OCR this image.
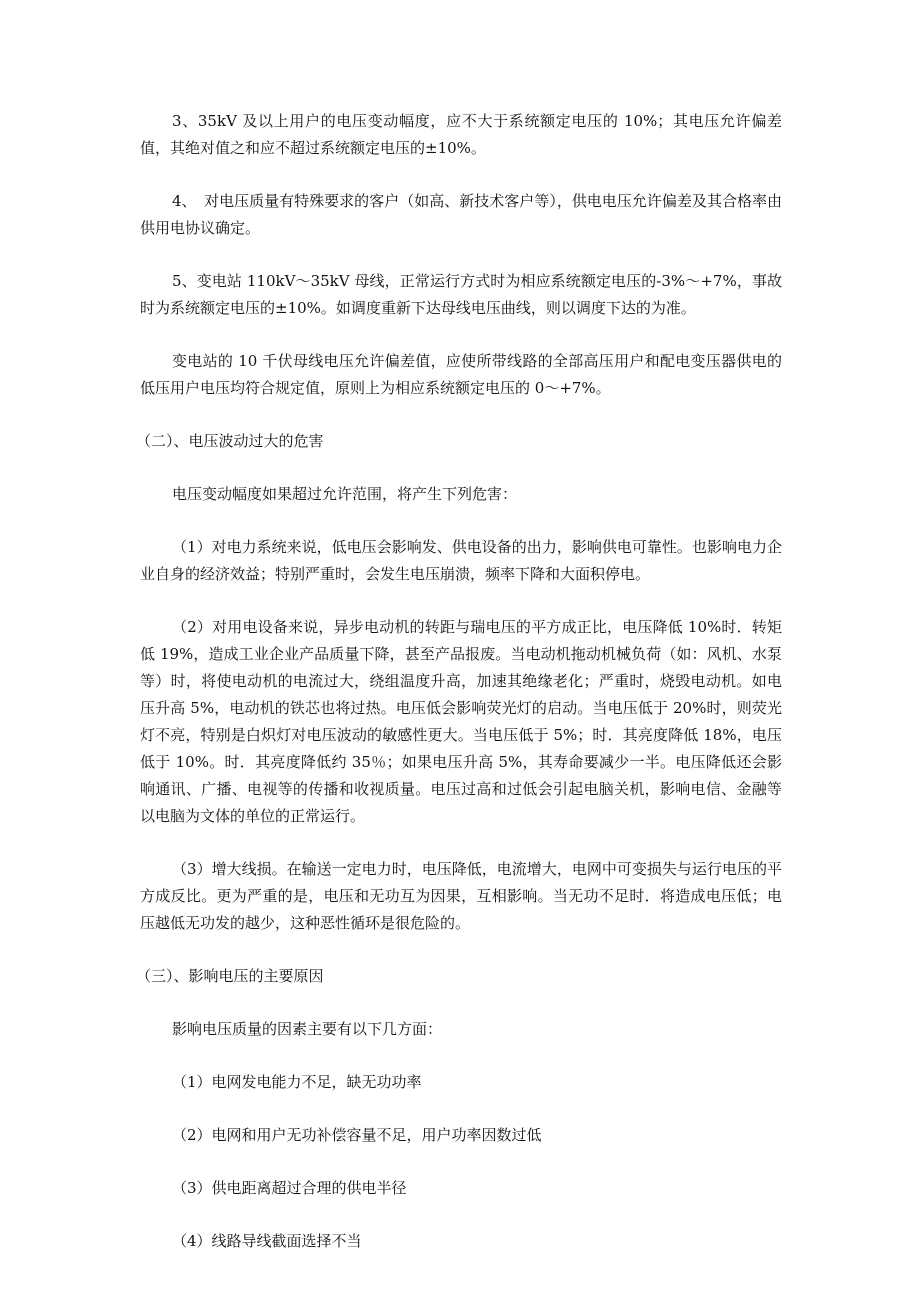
3、35kV 及以上用户的电压变动幅度，应不大于系统额定电压的 10%；其电压允许偏差值，其绝对值之和应不超过系统额定电压的±10%。

4、　对电压质量有特殊要求的客户（如高、新技术客户等），供电电压允许偏差及其合格率由供用电协议确定。

5、变电站 110kV～35kV 母线，正常运行方式时为相应系统额定电压的-3%～+7%，事故时为系统额定电压的±10%。如调度重新下达母线电压曲线，则以调度下达的为准。

变电站的 10 千伏母线电压允许偏差值，应使所带线路的全部高压用户和配电变压器供电的低压用户电压均符合规定值，原则上为相应系统额定电压的 0～+7%。

（二）、电压波动过大的危害

电压变动幅度如果超过允许范围，将产生下列危害：

（1）对电力系统来说，低电压会影响发、供电设备的出力，影响供电可靠性。也影响电力企业自身的经济效益；特别严重时，会发生电压崩溃，频率下降和大面积停电。

（2）对用电设备来说，异步电动机的转距与瑞电压的平方成正比，电压降低 10%时．转矩低 19%，造成工业企业产品质量下降，甚至产品报废。当电动机拖动机械负荷（如：风机、水泵等）时，将使电动机的电流过大，绕组温度升高，加速其绝缘老化；严重时，烧毁电动机。如电压升高 5%，电动机的铁芯也将过热。电压低会影响荧光灯的启动。当电压低于 20%时，则荧光灯不亮，特别是白炽灯对电压波动的敏感性更大。当电压低于 5%；时．其亮度降低 18%，电压低于 10%。时．其亮度降低约 35％；如果电压升高 5%，其寿命要减少一半。电压降低还会影响通讯、广播、电视等的传播和收视质量。电压过高和过低会引起电脑关机，影响电信、金融等以电脑为文体的单位的正常运行。

（3）增大线损。在输送一定电力时，电压降低，电流增大，电网中可变损失与运行电压的平方成反比。更为严重的是，电压和无功互为因果，互相影响。当无功不足时．将造成电压低；电压越低无功发的越少，这种恶性循环是很危险的。

（三）、影响电压的主要原因

影响电压质量的因素主要有以下几方面：

（1）电网发电能力不足，缺无功功率

（2）电网和用户无功补偿容量不足，用户功率因数过低

（3）供电距离超过合理的供电半径

（4）线路导线截面选择不当
